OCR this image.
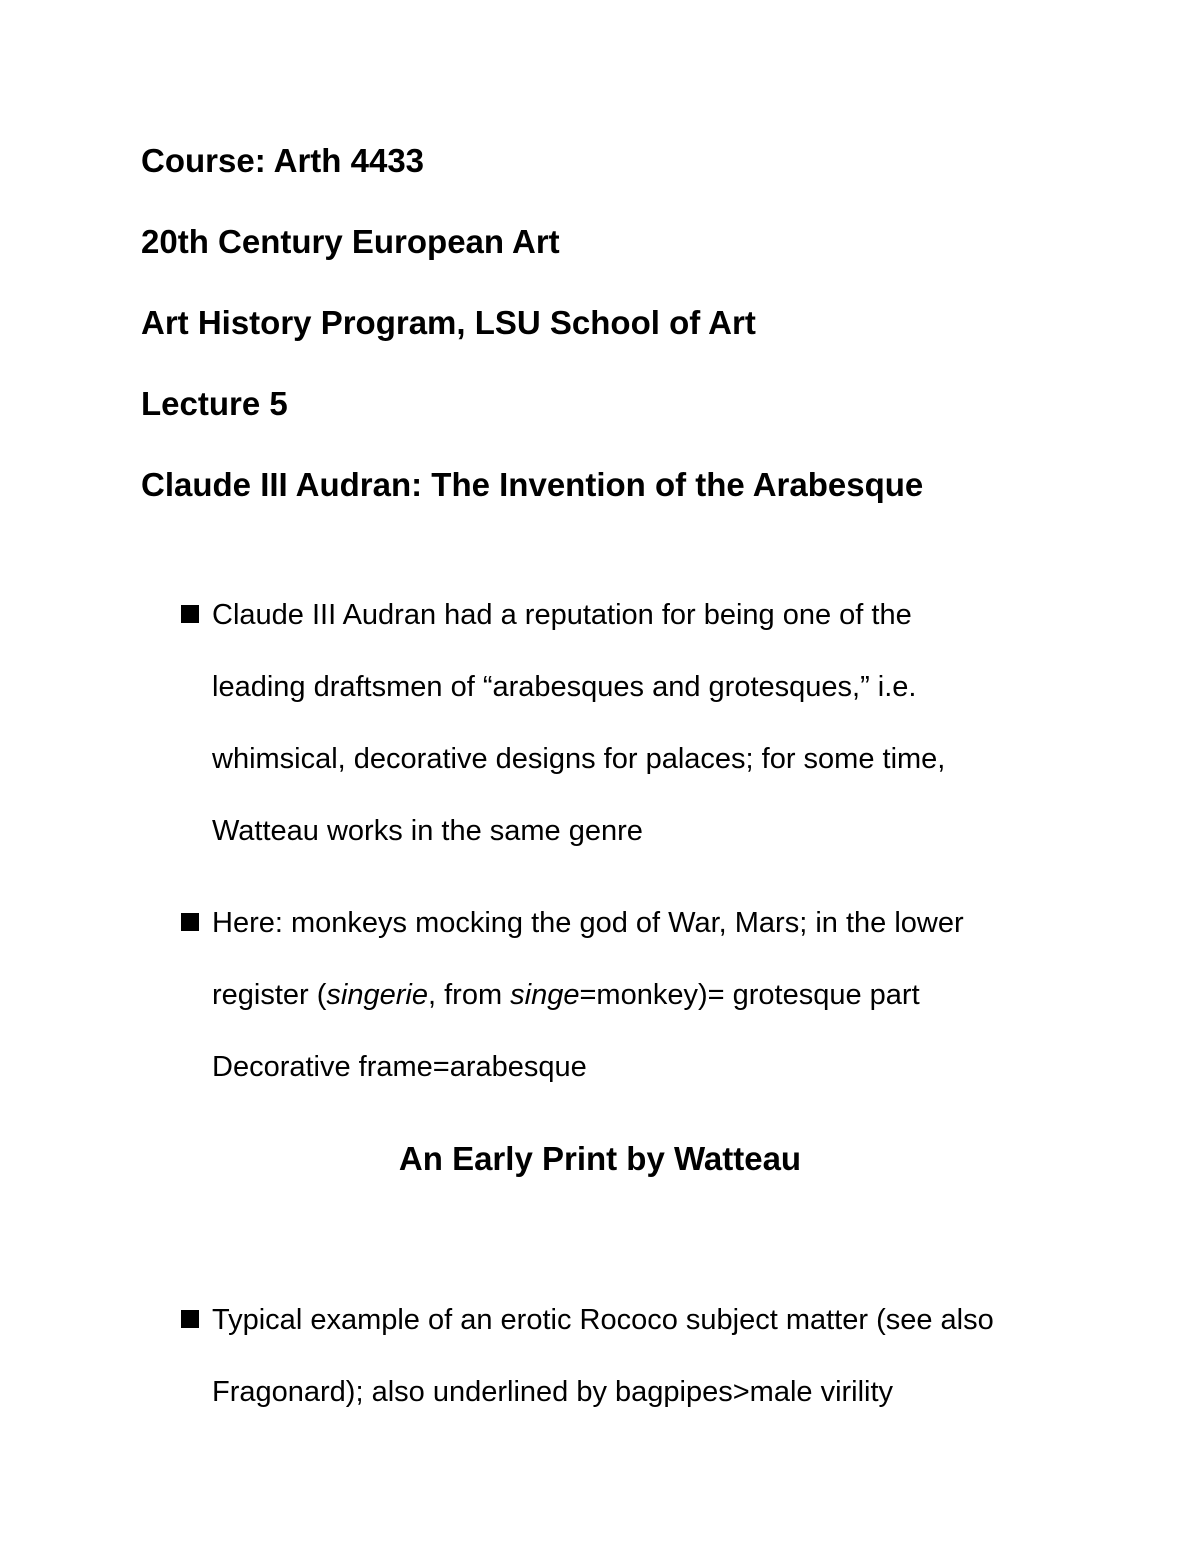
Course: Arth 4433
20th Century European Art
Art History Program, LSU School of Art
Lecture 5
Claude III Audran: The Invention of the Arabesque

Claude III Audran had a reputation for being one of the

leading draftsmen of “arabesques and grotesques,” i.e.

whimsical, decorative designs for palaces; for some time,

Watteau works in the same genre

Here: monkeys mocking the god of War, Mars; in the lower

register (singerie, from singe=monkey)= grotesque part

Decorative frame=arabesque

An Early Print by Watteau

Typical example of an erotic Rococo subject matter (see also

Fragonard); also underlined by bagpipes>male virility
